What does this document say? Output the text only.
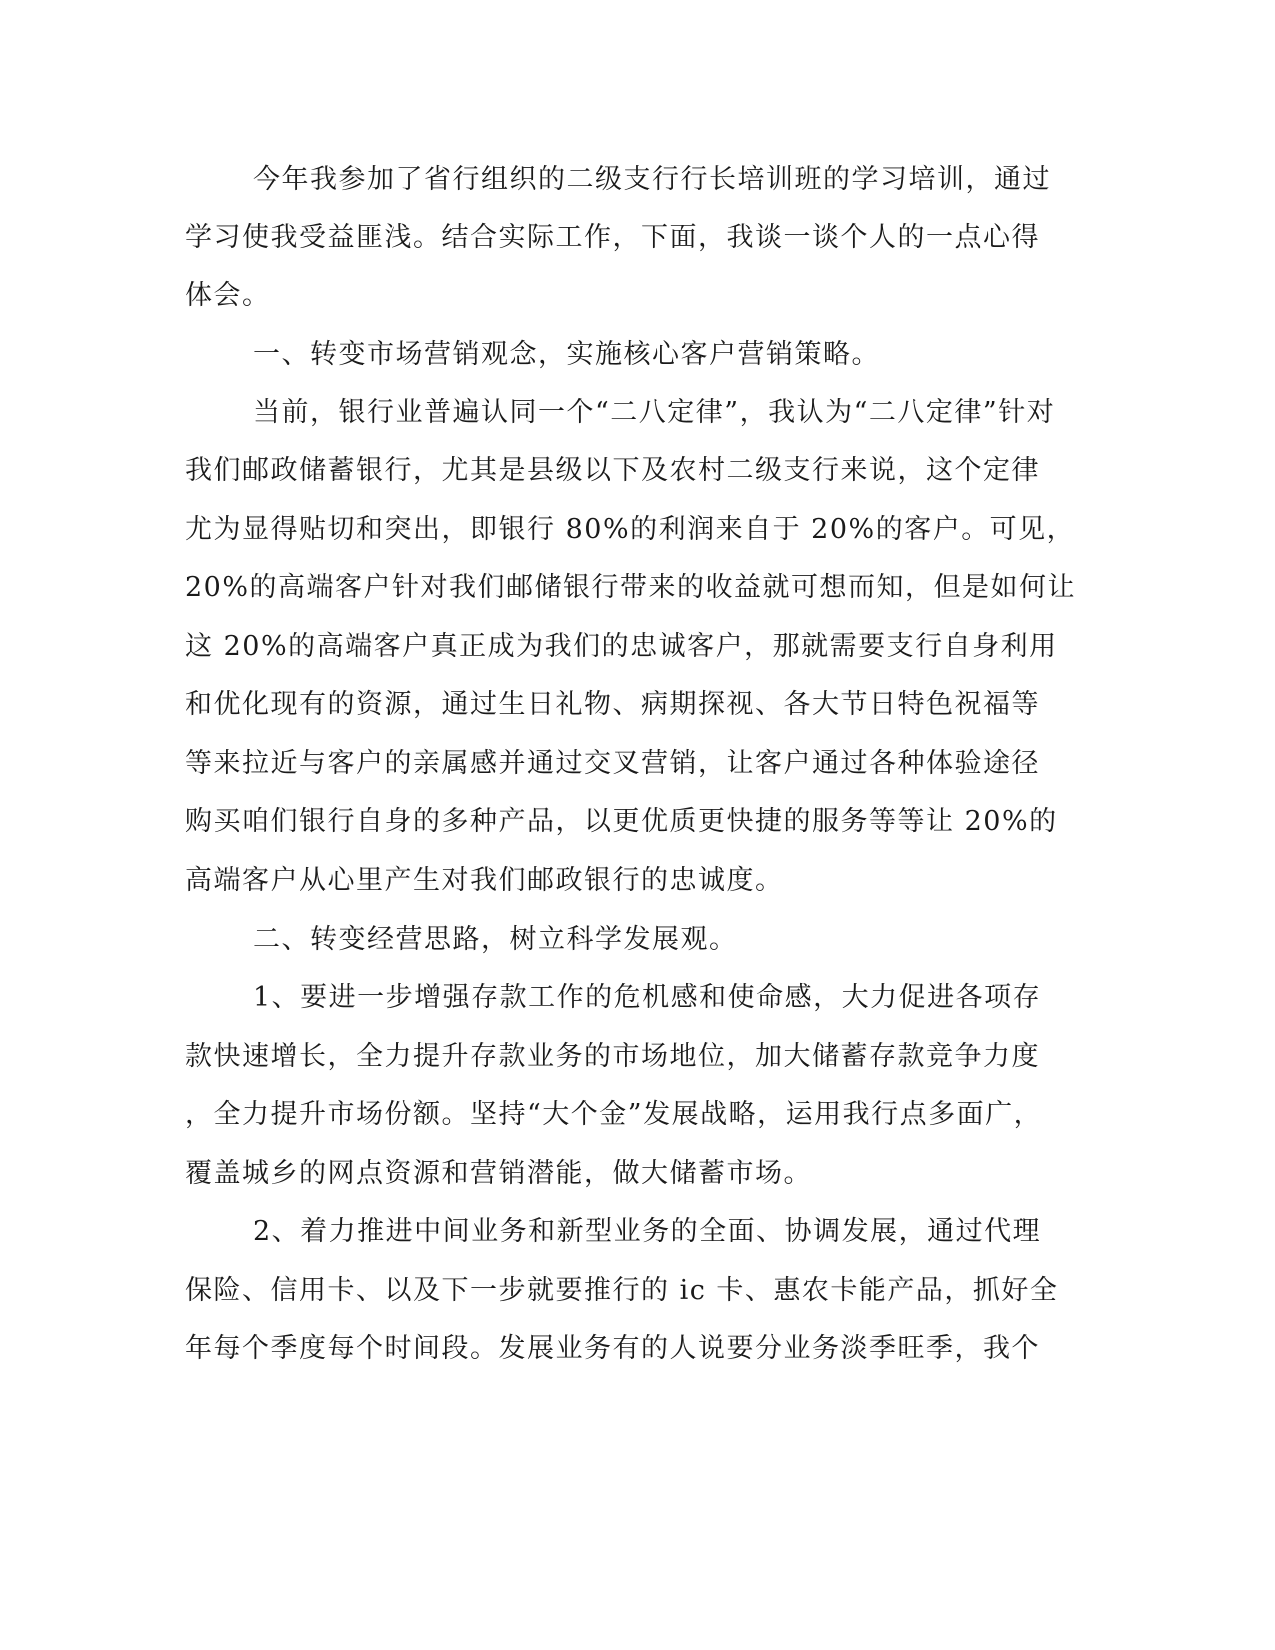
今年我参加了省行组织的二级支行行长培训班的学习培训，通过
学习使我受益匪浅。结合实际工作，下面，我谈一谈个人的一点心得
体会。
一、转变市场营销观念，实施核心客户营销策略。
当前，银行业普遍认同一个“二八定律”，我认为“二八定律”针对
我们邮政储蓄银行，尤其是县级以下及农村二级支行来说，这个定律
尤为显得贴切和突出，即银行 80%的利润来自于 20%的客户。可见，
20%的高端客户针对我们邮储银行带来的收益就可想而知，但是如何让
这 20%的高端客户真正成为我们的忠诚客户，那就需要支行自身利用
和优化现有的资源，通过生日礼物、病期探视、各大节日特色祝福等
等来拉近与客户的亲属感并通过交叉营销，让客户通过各种体验途径
购买咱们银行自身的多种产品，以更优质更快捷的服务等等让 20%的
高端客户从心里产生对我们邮政银行的忠诚度。
二、转变经营思路，树立科学发展观。
1、要进一步增强存款工作的危机感和使命感，大力促进各项存
款快速增长，全力提升存款业务的市场地位，加大储蓄存款竞争力度
，全力提升市场份额。坚持“大个金”发展战略，运用我行点多面广，
覆盖城乡的网点资源和营销潜能，做大储蓄市场。
2、着力推进中间业务和新型业务的全面、协调发展，通过代理
保险、信用卡、以及下一步就要推行的 ic 卡、惠农卡能产品，抓好全
年每个季度每个时间段。发展业务有的人说要分业务淡季旺季，我个
